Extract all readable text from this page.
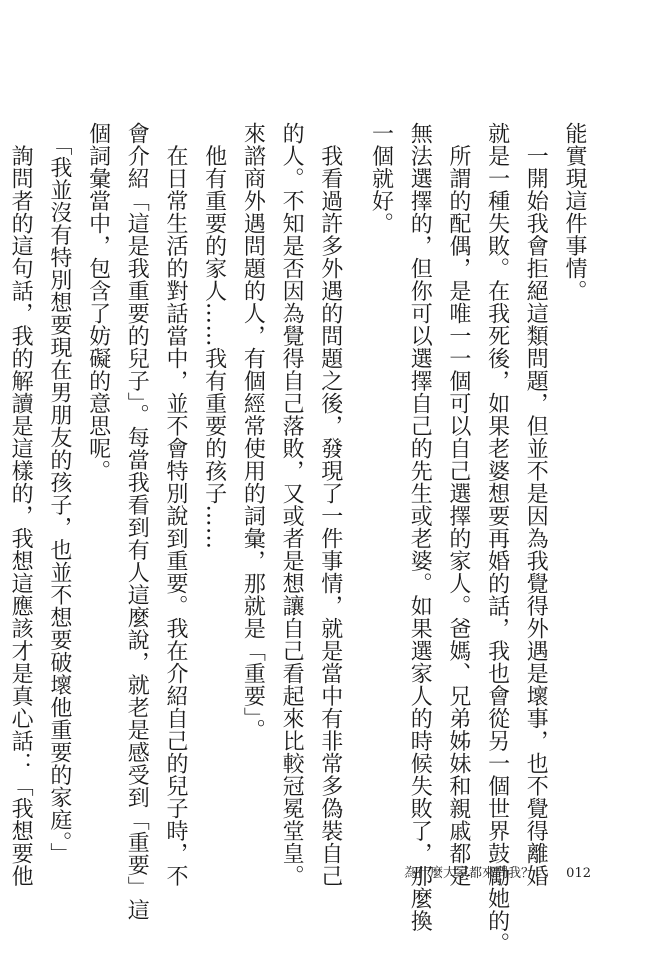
能實現這件事情。

　一開始我會拒絕這類問題，但並不是因為我覺得外遇是壞事，也不覺得離婚

就是一種失敗。在我死後，如果老婆想要再婚的話，我也會從另一個世界鼓勵她的。

　所謂的配偶，是唯一一個可以自己選擇的家人。爸媽、兄弟姊妹和親戚都是

無法選擇的，但你可以選擇自己的先生或老婆。如果選家人的時候失敗了，那麼換

一個就好。

　我看過許多外遇的問題之後，發現了一件事情，就是當中有非常多偽裝自己

的人。不知是否因為覺得自己落敗，又或者是想讓自己看起來比較冠冕堂皇。

來諮商外遇問題的人，有個經常使用的詞彙，那就是「重要」。

　他有重要的家人……我有重要的孩子……

　在日常生活的對話當中，並不會特別說到重要。我在介紹自己的兒子時，不

會介紹「這是我重要的兒子」。每當我看到有人這麼說，就老是感受到「重要」這

個詞彙當中，包含了妨礙的意思呢。

　「我並沒有特別想要現在男朋友的孩子，也並不想要破壞他重要的家庭。」

　詢問者的這句話，我的解讀是這樣的，我想這應該才是真心話：「我想要他	為什麼大家都來問我？ 012
